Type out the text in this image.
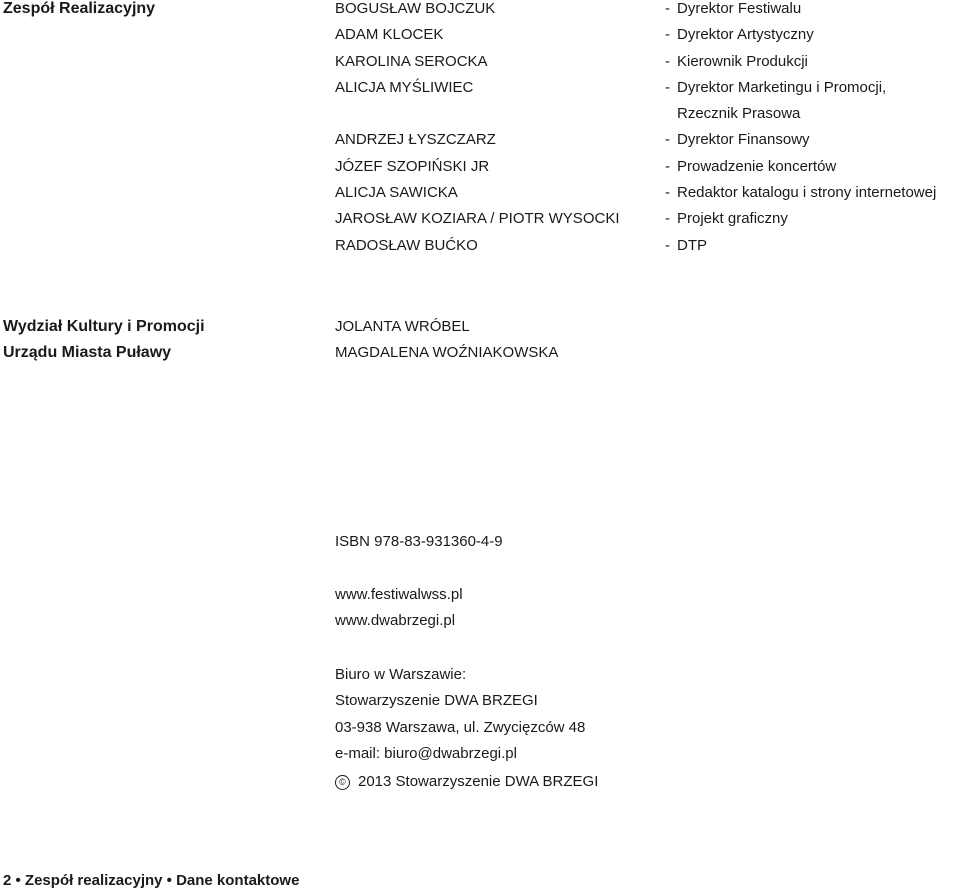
Zespół Realizacyjny	BOGUSŁAW BOJCZUK
ADAM KLOCEK
KAROLINA SEROCKA
ALICJA MYŚLIWIEC
ANDRZEJ ŁYSZCZARZ
JÓZEF SZOPIŃSKI JR
ALICJA SAWICKA
JAROSŁAW KOZIARA / PIOTR WYSOCKI
RADOSŁAW BUĆKO
- Dyrektor Festiwalu
- Dyrektor Artystyczny
- Kierownik Produkcji
- Dyrektor Marketingu i Promocji,
Rzecznik Prasowa
- Dyrektor Finansowy
- Prowadzenie koncertów
- Redaktor katalogu i strony internetowej
- Projekt graficzny
- DTP
Wydział Kultury i Promocji
Urządu Miasta Puławy
JOLANTA WRÓBEL
MAGDALENA WOŹNIAKOWSKA
ISBN 978-83-931360-4-9
www.festiwalwss.pl
www.dwabrzegi.pl
Biuro w Warszawie:
Stowarzyszenie DWA BRZEGI
03-938 Warszawa, ul. Zwycięzców 48
e-mail: biuro@dwabrzegi.pl
© 2013 Stowarzyszenie DWA BRZEGI
2 • Zespół realizacyjny • Dane kontaktowe
